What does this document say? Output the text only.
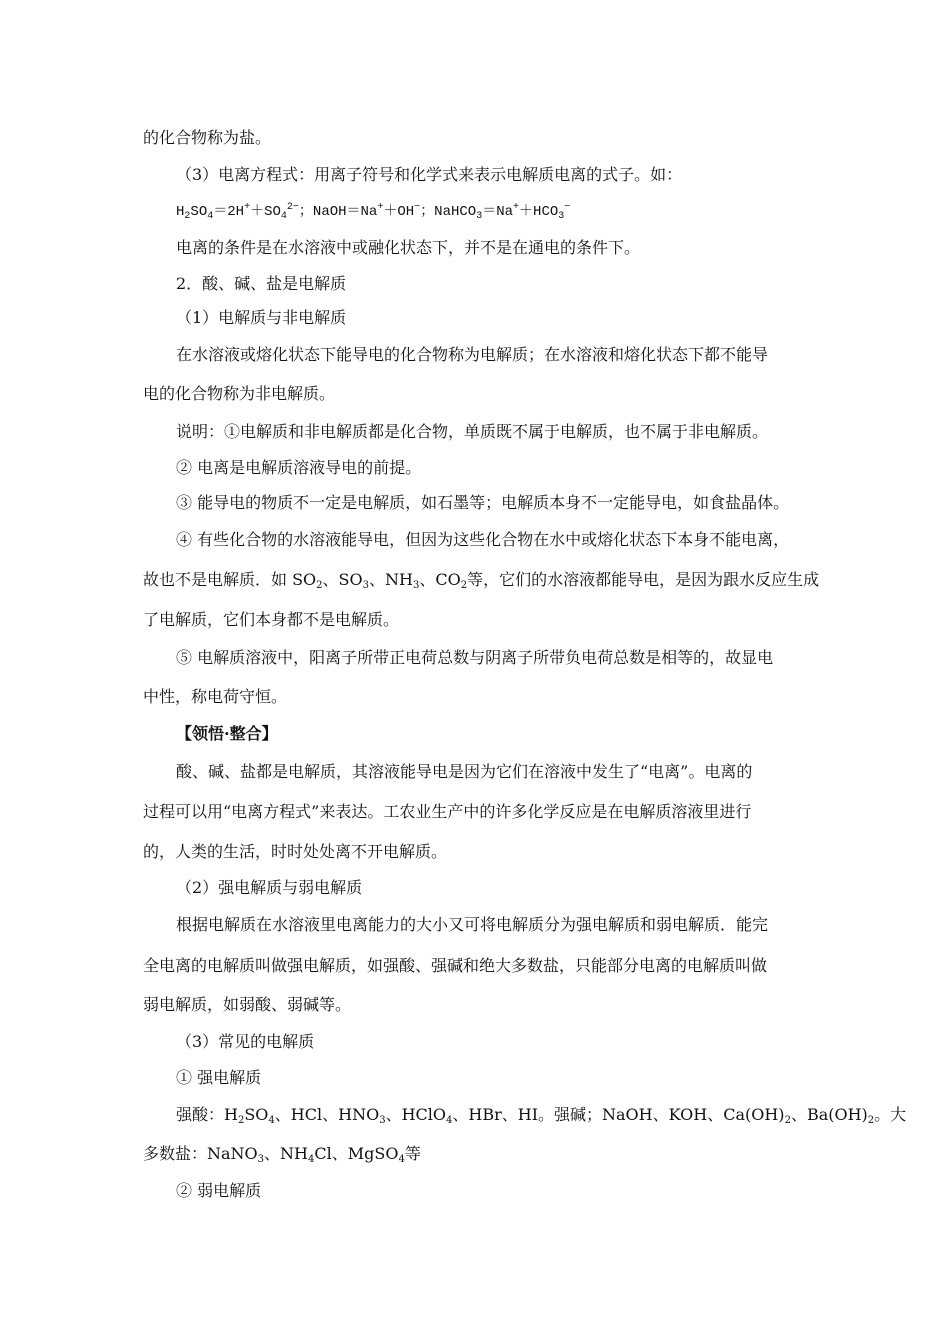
的化合物称为盐。
（3）电离方程式：用离子符号和化学式来表示电解质电离的式子。如：
$H_2SO_4=2H^++SO_4^{2-}$；NaOH＝Na+＋OH−；$NaHCO_3=Na^++HCO_3^-$
电离的条件是在水溶液中或融化状态下，并不是在通电的条件下。
2．酸、碱、盐是电解质
（1）电解质与非电解质
在水溶液或熔化状态下能导电的化合物称为电解质；在水溶液和熔化状态下都不能导
电的化合物称为非电解质。
说明：①电解质和非电解质都是化合物，单质既不属于电解质，也不属于非电解质。
② 电离是电解质溶液导电的前提。
③ 能导电的物质不一定是电解质，如石墨等；电解质本身不一定能导电，如食盐晶体。
④ 有些化合物的水溶液能导电，但因为这些化合物在水中或熔化状态下本身不能电离，
故也不是电解质．如 $SO_2$、$SO_3$、$NH_3$、$CO_2$等，它们的水溶液都能导电，是因为跟水反应生成
了电解质，它们本身都不是电解质。
⑤ 电解质溶液中，阳离子所带正电荷总数与阴离子所带负电荷总数是相等的，故显电
中性，称电荷守恒。
【领悟·整合】
酸、碱、盐都是电解质，其溶液能导电是因为它们在溶液中发生了“电离”。电离的
过程可以用“电离方程式”来表达。工农业生产中的许多化学反应是在电解质溶液里进行
的，人类的生活，时时处处离不开电解质。
（2）强电解质与弱电解质
根据电解质在水溶液里电离能力的大小又可将电解质分为强电解质和弱电解质．能完
全电离的电解质叫做强电解质，如强酸、强碱和绝大多数盐，只能部分电离的电解质叫做
弱电解质，如弱酸、弱碱等。
（3）常见的电解质
① 强电解质
强酸：$H_2SO_4$、HCl、$HNO_3$、HClO$_4$、HBr、HI。强碱；NaOH、KOH、$Ca(OH)_2$、$Ba(OH)_2$。大
多数盐：NaNO$_3$、$NH_4Cl$、MgSO$_4$等
② 弱电解质
